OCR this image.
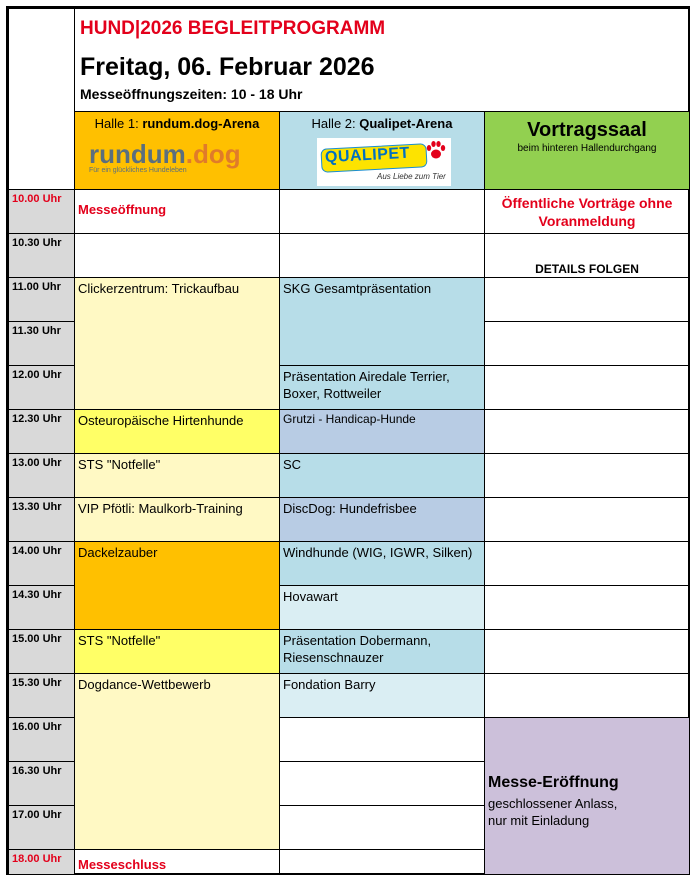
HUND|2026 BEGLEITPROGRAMM
Freitag, 06. Februar 2026
Messeöffnungszeiten: 10 - 18 Uhr
Halle 1: rundum.dog-Arena
rundum.dog
Für ein glückliches Hundeleben
Halle 2: Qualipet-Arena
QUALIPET
Aus Liebe zum Tier
Vortragssaal
beim hinteren Hallendurchgang
10.00 Uhr
10.30 Uhr
11.00 Uhr
11.30 Uhr
12.00 Uhr
12.30 Uhr
13.00 Uhr
13.30 Uhr
14.00 Uhr
14.30 Uhr
15.00 Uhr
15.30 Uhr
16.00 Uhr
16.30 Uhr
17.00 Uhr
18.00 Uhr
Messeöffnung
Clickerzentrum: Trickaufbau
Osteuropäische Hirtenhunde
STS "Notfelle"
VIP Pfötli: Maulkorb-Training
Dackelzauber
STS "Notfelle"
Dogdance-Wettbewerb
Messeschluss
SKG Gesamtpräsentation
Präsentation Airedale Terrier, Boxer, Rottweiler
Grutzi - Handicap-Hunde
SC
DiscDog: Hundefrisbee
Windhunde (WIG, IGWR, Silken)
Hovawart
Präsentation Dobermann, Riesenschnauzer
Fondation Barry
Öffentliche Vorträge ohne Voranmeldung
DETAILS FOLGEN
Messe-Eröffnung
geschlossener Anlass,
nur mit Einladung
